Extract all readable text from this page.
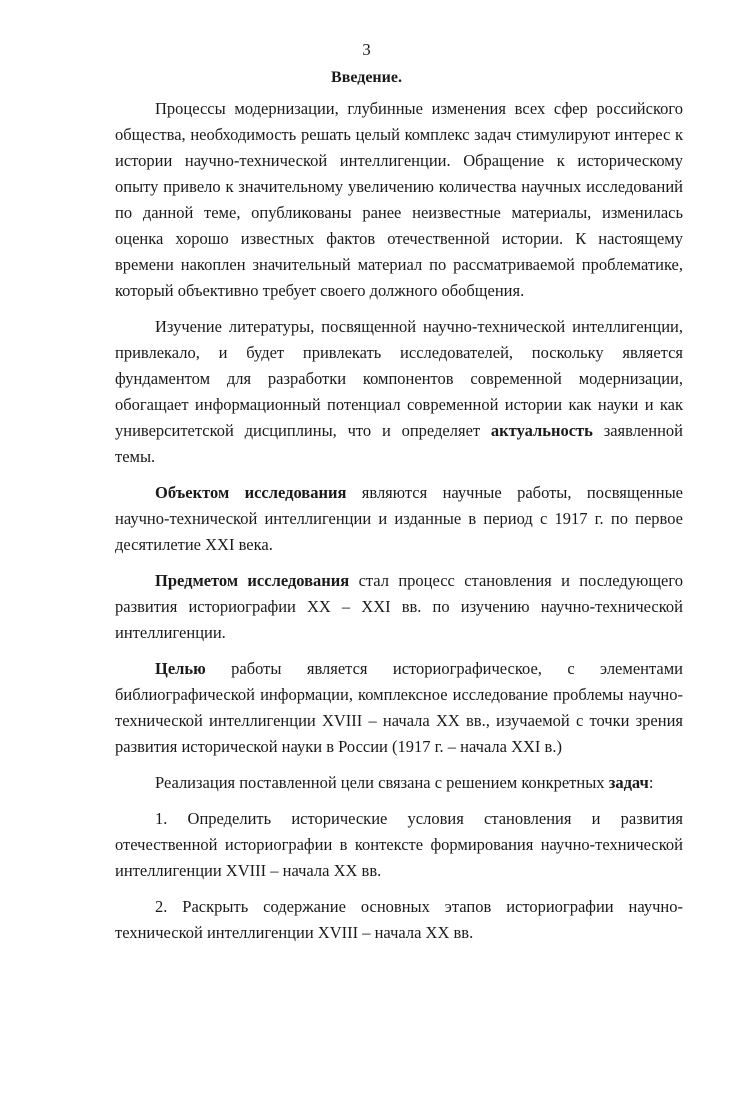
3
Введение.

Процессы модернизации, глубинные изменения всех сфер российского общества, необходимость решать целый комплекс задач стимулируют интерес к истории научно-технической интеллигенции. Обращение к историческому опыту привело к значительному увеличению количества научных исследований по данной теме, опубликованы ранее неизвестные материалы, изменилась оценка хорошо известных фактов отечественной истории. К настоящему времени накоплен значительный материал по рассматриваемой проблематике, который объективно требует своего должного обобщения.

Изучение литературы, посвященной научно-технической интеллигенции, привлекало, и будет привлекать исследователей, поскольку является фундаментом для разработки компонентов современной модернизации, обогащает информационный потенциал современной истории как науки и как университетской дисциплины, что и определяет актуальность заявленной темы.

Объектом исследования являются научные работы, посвященные научно-технической интеллигенции и изданные в период с 1917 г. по первое десятилетие XXI века.

Предметом исследования стал процесс становления и последующего развития историографии XX – XXI вв. по изучению научно-технической интеллигенции.

Целью работы является историографическое, с элементами библиографической информации, комплексное исследование проблемы научно-технической интеллигенции XVIII – начала XX вв., изучаемой с точки зрения развития исторической науки в России (1917 г. – начала XXI в.)

Реализация поставленной цели связана с решением конкретных задач:

1. Определить исторические условия становления и развития отечественной историографии в контексте формирования научно-технической интеллигенции XVIII – начала XX вв.

2. Раскрыть содержание основных этапов историографии научно-технической интеллигенции XVIII – начала XX вв.
